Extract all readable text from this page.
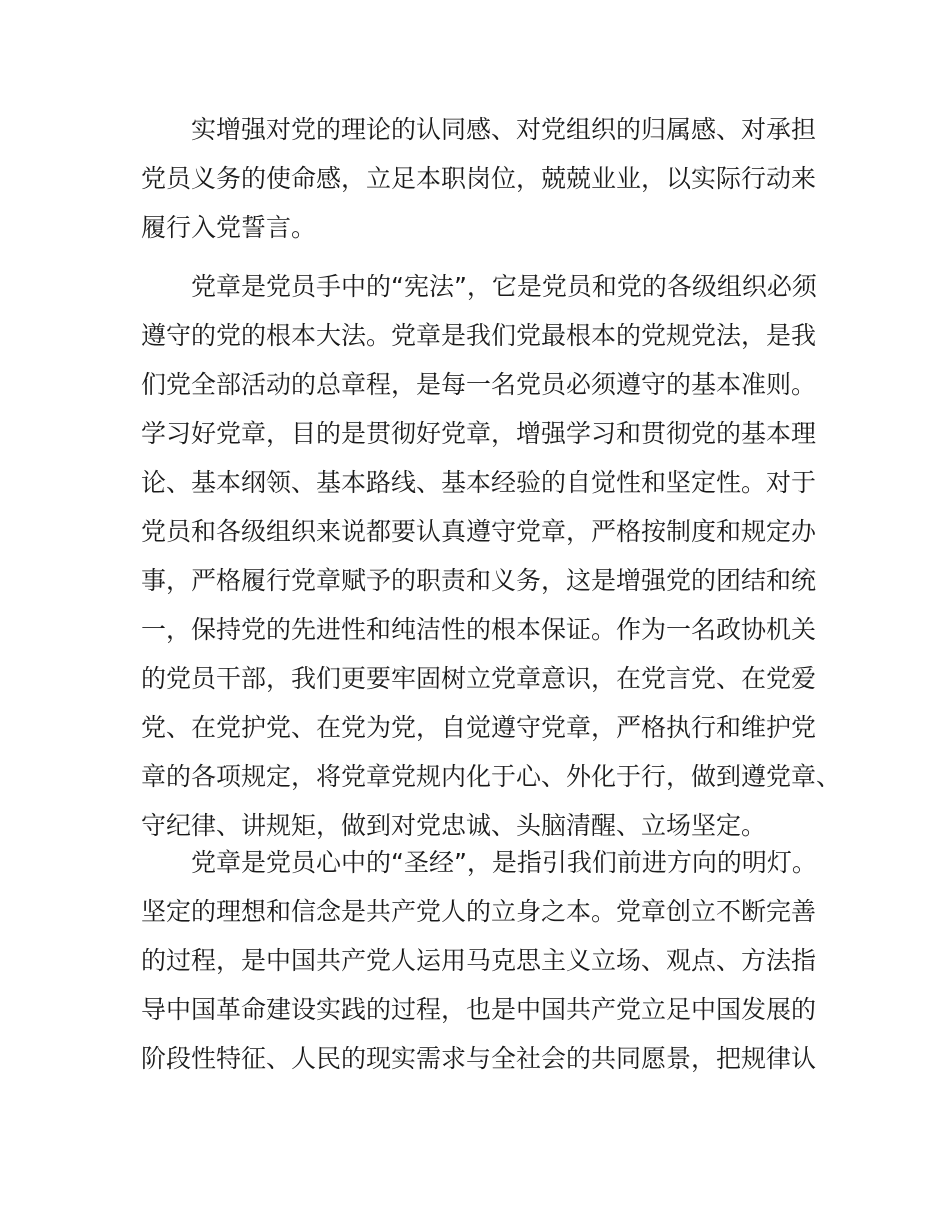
实增强对党的理论的认同感、对党组织的归属感、对承担
党员义务的使命感，立足本职岗位，兢兢业业，以实际行动来
履行入党誓言。
党章是党员手中的“宪法”，它是党员和党的各级组织必须
遵守的党的根本大法。党章是我们党最根本的党规党法，是我
们党全部活动的总章程，是每一名党员必须遵守的基本准则。
学习好党章，目的是贯彻好党章，增强学习和贯彻党的基本理
论、基本纲领、基本路线、基本经验的自觉性和坚定性。对于
党员和各级组织来说都要认真遵守党章，严格按制度和规定办
事，严格履行党章赋予的职责和义务，这是增强党的团结和统
一，保持党的先进性和纯洁性的根本保证。作为一名政协机关
的党员干部，我们更要牢固树立党章意识，在党言党、在党爱
党、在党护党、在党为党，自觉遵守党章，严格执行和维护党
章的各项规定，将党章党规内化于心、外化于行，做到遵党章、
守纪律、讲规矩，做到对党忠诚、头脑清醒、立场坚定。
党章是党员心中的“圣经”，是指引我们前进方向的明灯。
坚定的理想和信念是共产党人的立身之本。党章创立不断完善
的过程，是中国共产党人运用马克思主义立场、观点、方法指
导中国革命建设实践的过程，也是中国共产党立足中国发展的
阶段性特征、人民的现实需求与全社会的共同愿景，把规律认
